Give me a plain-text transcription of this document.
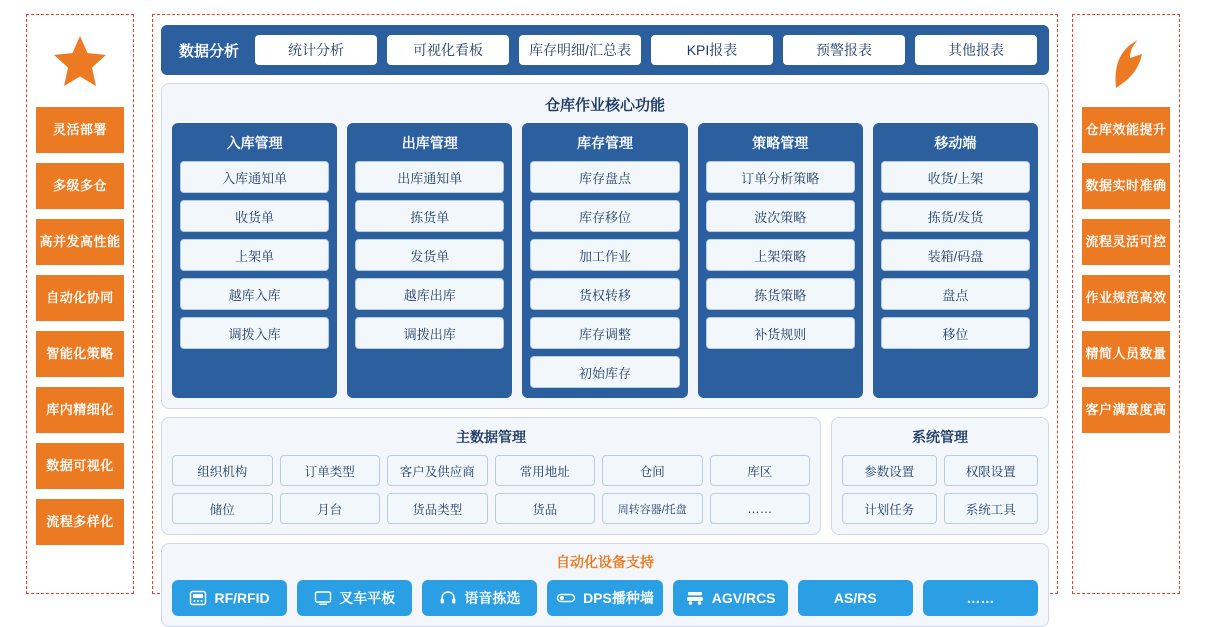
灵活部署
多级多仓
高并发高性能
自动化协同
智能化策略
库内精细化
数据可视化
流程多样化
仓库效能提升
数据实时准确
流程灵活可控
作业规范高效
精简人员数量
客户满意度高
数据分析	统计分析	可视化看板	库存明细/汇总表	KPI报表	预警报表	其他报表
仓库作业核心功能
入库管理
入库通知单
收货单
上架单
越库入库
调拨入库
出库管理
出库通知单
拣货单
发货单
越库出库
调拨出库
库存管理
库存盘点
库存移位
加工作业
货权转移
库存调整
初始库存
策略管理
订单分析策略
波次策略
上架策略
拣货策略
补货规则
移动端
收货/上架
拣货/发货
装箱/码盘
盘点
移位
主数据管理
组织机构	订单类型	客户及供应商	常用地址	仓间	库区
储位	月台	货品类型	货品	周转容器/托盘	……
系统管理
参数设置	权限设置
计划任务	系统工具
自动化设备支持
RF/RFID	叉车平板	语音拣选	DPS播种墙	AGV/RCS	AS/RS	……
